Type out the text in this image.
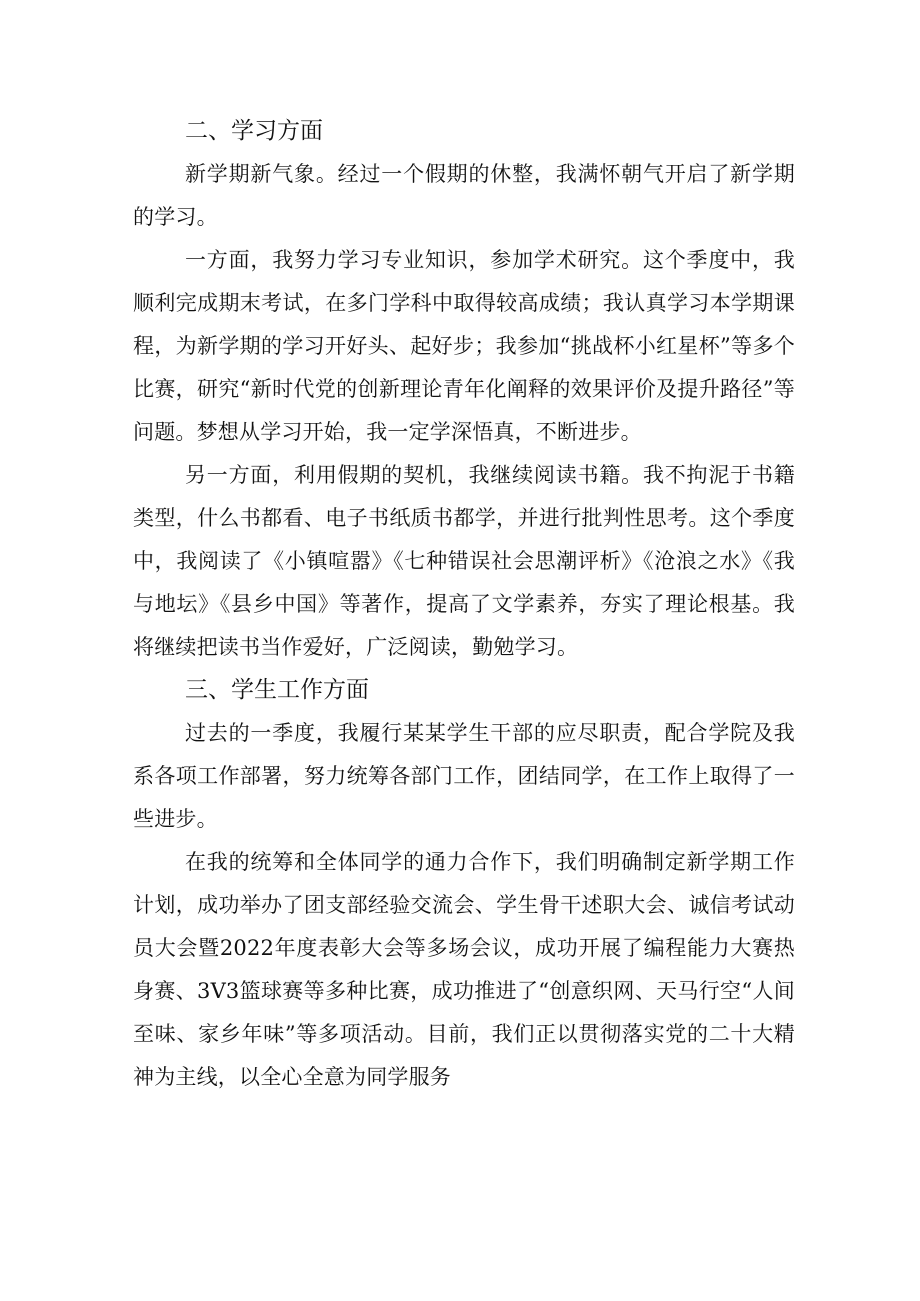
二、学习方面

新学期新气象。经过一个假期的休整，我满怀朝气开启了新学期的学习。

一方面，我努力学习专业知识，参加学术研究。这个季度中，我顺利完成期末考试，在多门学科中取得较高成绩；我认真学习本学期课程，为新学期的学习开好头、起好步；我参加“挑战杯小红星杯”等多个比赛，研究“新时代党的创新理论青年化阐释的效果评价及提升路径”等问题。梦想从学习开始，我一定学深悟真，不断进步。

另一方面，利用假期的契机，我继续阅读书籍。我不拘泥于书籍类型，什么书都看、电子书纸质书都学，并进行批判性思考。这个季度中，我阅读了《小镇喧嚣》《七种错误社会思潮评析》《沧浪之水》《我与地坛》《县乡中国》等著作，提高了文学素养，夯实了理论根基。我将继续把读书当作爱好，广泛阅读，勤勉学习。

三、学生工作方面

过去的一季度，我履行某某学生干部的应尽职责，配合学院及我系各项工作部署，努力统筹各部门工作，团结同学，在工作上取得了一些进步。

在我的统筹和全体同学的通力合作下，我们明确制定新学期工作计划，成功举办了团支部经验交流会、学生骨干述职大会、诚信考试动员大会暨2022年度表彰大会等多场会议，成功开展了编程能力大赛热身赛、3V3篮球赛等多种比赛，成功推进了“创意织网、天马行空“人间至味、家乡年味”等多项活动。目前，我们正以贯彻落实党的二十大精神为主线，以全心全意为同学服务
